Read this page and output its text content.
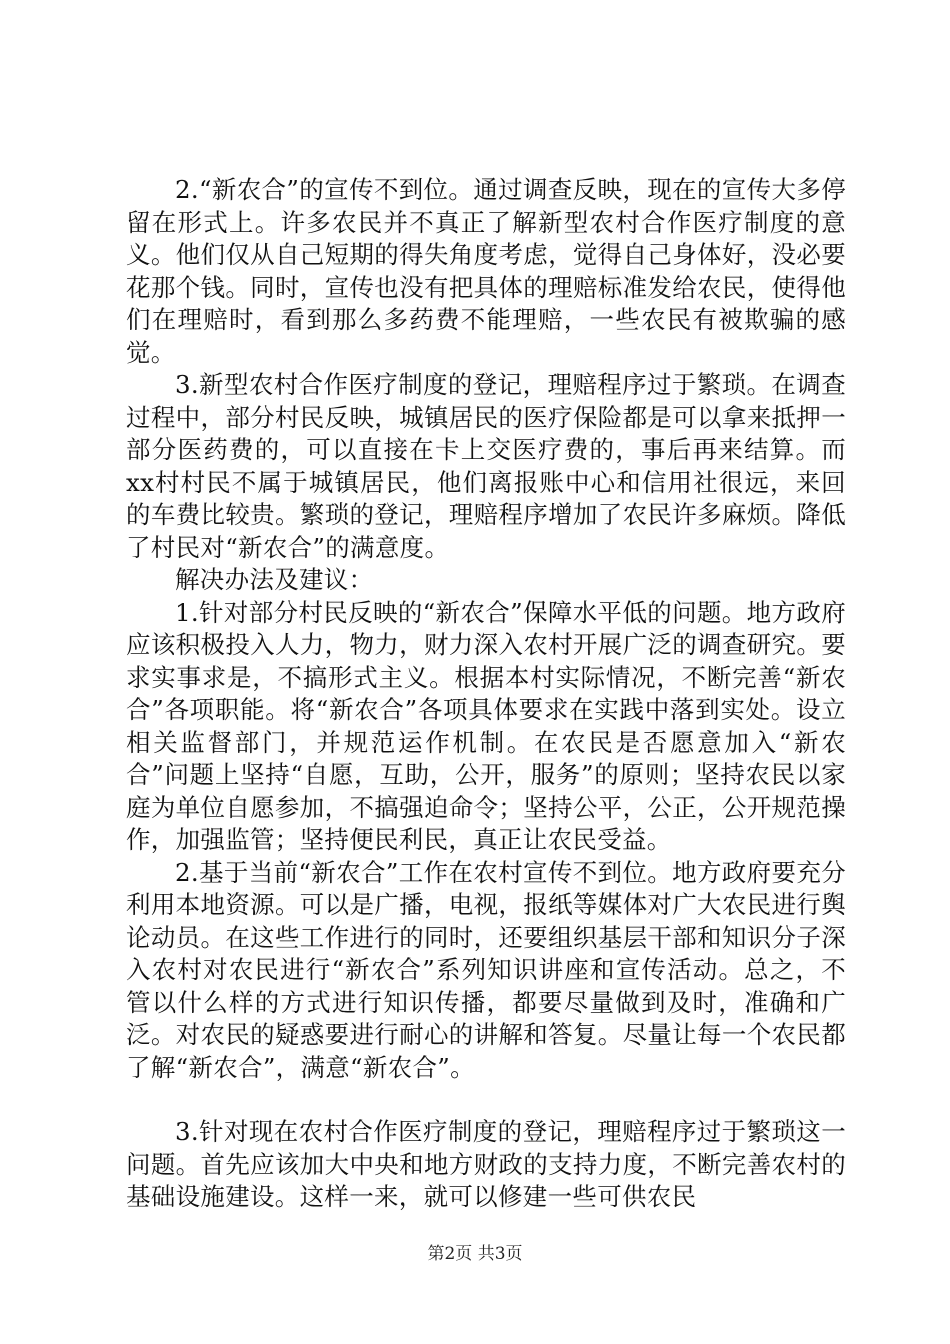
2.“新农合”的宣传不到位。通过调查反映，现在的宣传大多停留在形式上。许多农民并不真正了解新型农村合作医疗制度的意义。他们仅从自己短期的得失角度考虑，觉得自己身体好，没必要花那个钱。同时，宣传也没有把具体的理赔标准发给农民，使得他们在理赔时，看到那么多药费不能理赔，一些农民有被欺骗的感觉。

3.新型农村合作医疗制度的登记，理赔程序过于繁琐。在调查过程中，部分村民反映，城镇居民的医疗保险都是可以拿来抵押一部分医药费的，可以直接在卡上交医疗费的，事后再来结算。而xx村村民不属于城镇居民，他们离报账中心和信用社很远，来回的车费比较贵。繁琐的登记，理赔程序增加了农民许多麻烦。降低了村民对“新农合”的满意度。

解决办法及建议：

1.针对部分村民反映的“新农合”保障水平低的问题。地方政府应该积极投入人力，物力，财力深入农村开展广泛的调查研究。要求实事求是，不搞形式主义。根据本村实际情况，不断完善“新农合”各项职能。将“新农合”各项具体要求在实践中落到实处。设立相关监督部门，并规范运作机制。在农民是否愿意加入“新农合”问题上坚持“自愿，互助，公开，服务”的原则；坚持农民以家庭为单位自愿参加，不搞强迫命令；坚持公平，公正，公开规范操作，加强监管；坚持便民利民，真正让农民受益。

2.基于当前“新农合”工作在农村宣传不到位。地方政府要充分利用本地资源。可以是广播，电视，报纸等媒体对广大农民进行舆论动员。在这些工作进行的同时，还要组织基层干部和知识分子深入农村对农民进行“新农合”系列知识讲座和宣传活动。总之，不管以什么样的方式进行知识传播，都要尽量做到及时，准确和广泛。对农民的疑惑要进行耐心的讲解和答复。尽量让每一个农民都了解“新农合”，满意“新农合”。

3.针对现在农村合作医疗制度的登记，理赔程序过于繁琐这一问题。首先应该加大中央和地方财政的支持力度，不断完善农村的基础设施建设。这样一来，就可以修建一些可供农民

第2页 共3页
